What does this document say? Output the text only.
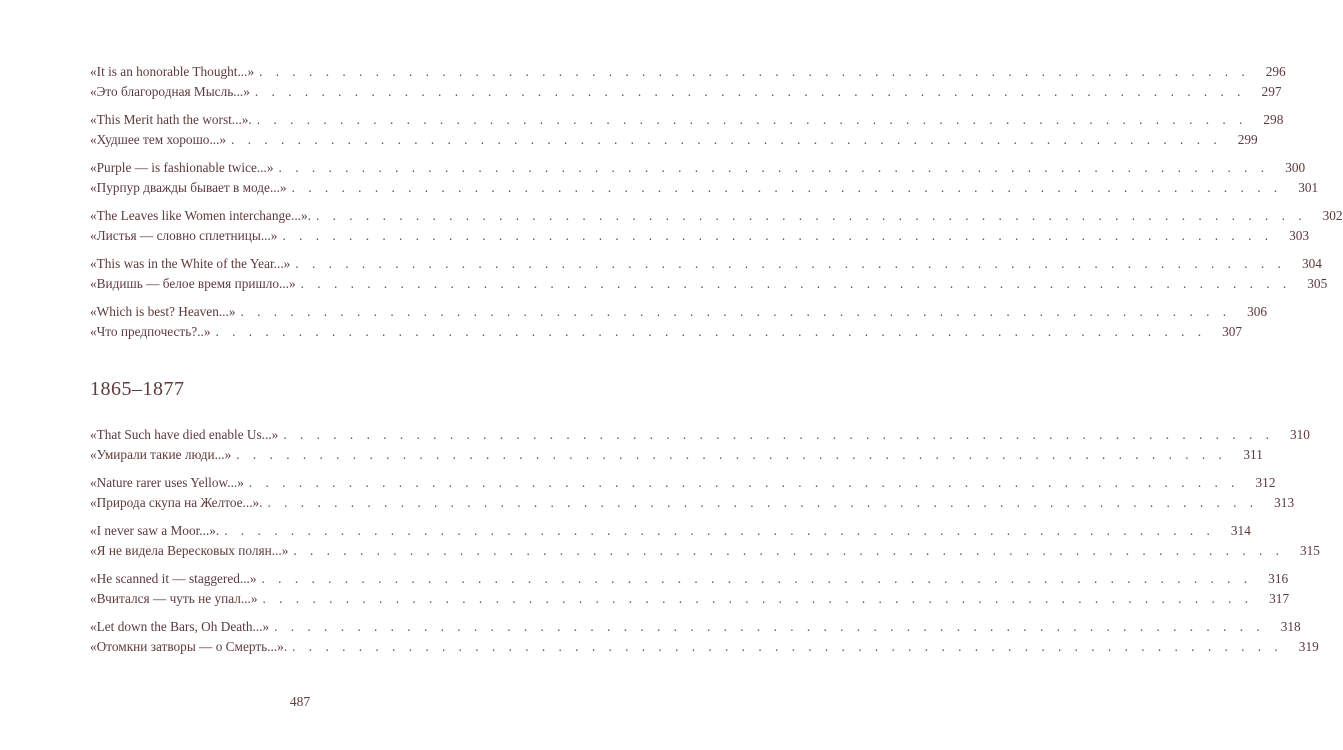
«It is an honorable Thought...» . . . . . . . . . . . . . . . . . . . . . . . . . . . . . . . . . . . . . . . . . . . . . . . . . . . . . . . . . . . .	296
«Это благородная Мысль...» . . . . . . . . . . . . . . . . . . . . . . . . . . . . . . . . . . . . . . . . . . . . . . . . . . . . . . . . . . . .	297
«This Merit hath the worst...». . . . . . . . . . . . . . . . . . . . . . . . . . . . . . . . . . . . . . . . . . . . . . . . . . . . . . . . . . . . .	298
«Худшее тем хорошо...» . . . . . . . . . . . . . . . . . . . . . . . . . . . . . . . . . . . . . . . . . . . . . . . . . . . . . . . . . . . .	299
«Purple — is fashionable twice...» . . . . . . . . . . . . . . . . . . . . . . . . . . . . . . . . . . . . . . . . . . . . . . . . . . . . . . . . . . . .	300
«Пурпур дважды бывает в моде...» . . . . . . . . . . . . . . . . . . . . . . . . . . . . . . . . . . . . . . . . . . . . . . . . . . . . . . . . . . . .	301
«The Leaves like Women interchange...». . . . . . . . . . . . . . . . . . . . . . . . . . . . . . . . . . . . . . . . . . . . . . . . . . . . . . . . . . . . .	302
«Листья — словно сплетницы...» . . . . . . . . . . . . . . . . . . . . . . . . . . . . . . . . . . . . . . . . . . . . . . . . . . . . . . . . . . . .	303
«This was in the White of the Year...» . . . . . . . . . . . . . . . . . . . . . . . . . . . . . . . . . . . . . . . . . . . . . . . . . . . . . . . . . . . .	304
«Видишь — белое время пришло...» . . . . . . . . . . . . . . . . . . . . . . . . . . . . . . . . . . . . . . . . . . . . . . . . . . . . . . . . . . . .	305
«Which is best? Heaven...» . . . . . . . . . . . . . . . . . . . . . . . . . . . . . . . . . . . . . . . . . . . . . . . . . . . . . . . . . . . .	306
«Что предпочесть?..» . . . . . . . . . . . . . . . . . . . . . . . . . . . . . . . . . . . . . . . . . . . . . . . . . . . . . . . . . . . .	307
1865–1877
«That Such have died enable Us...» . . . . . . . . . . . . . . . . . . . . . . . . . . . . . . . . . . . . . . . . . . . . . . . . . . . . . . . . . . . .	310
«Умирали такие люди...» . . . . . . . . . . . . . . . . . . . . . . . . . . . . . . . . . . . . . . . . . . . . . . . . . . . . . . . . . . . .	311
«Nature rarer uses Yellow...» . . . . . . . . . . . . . . . . . . . . . . . . . . . . . . . . . . . . . . . . . . . . . . . . . . . . . . . . . . . .	312
«Природа скупа на Желтое...». . . . . . . . . . . . . . . . . . . . . . . . . . . . . . . . . . . . . . . . . . . . . . . . . . . . . . . . . . . . .	313
«I never saw a Moor...». . . . . . . . . . . . . . . . . . . . . . . . . . . . . . . . . . . . . . . . . . . . . . . . . . . . . . . . . . . . .	314
«Я не видела Вересковых полян...» . . . . . . . . . . . . . . . . . . . . . . . . . . . . . . . . . . . . . . . . . . . . . . . . . . . . . . . . . . . .	315
«He scanned it — staggered...» . . . . . . . . . . . . . . . . . . . . . . . . . . . . . . . . . . . . . . . . . . . . . . . . . . . . . . . . . . . .	316
«Вчитался — чуть не упал...» . . . . . . . . . . . . . . . . . . . . . . . . . . . . . . . . . . . . . . . . . . . . . . . . . . . . . . . . . . . .	317
«Let down the Bars, Oh Death...» . . . . . . . . . . . . . . . . . . . . . . . . . . . . . . . . . . . . . . . . . . . . . . . . . . . . . . . . . . . .	318
«Отомкни затворы — о Смерть...». . . . . . . . . . . . . . . . . . . . . . . . . . . . . . . . . . . . . . . . . . . . . . . . . . . . . . . . . . . . .	319
487
